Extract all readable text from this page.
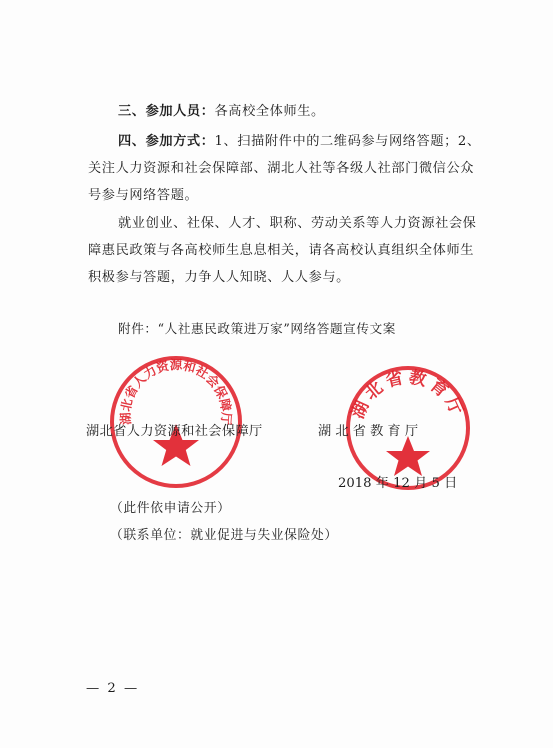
三、参加人员：各高校全体师生。
四、参加方式：1、扫描附件中的二维码参与网络答题；2、
关注人力资源和社会保障部、湖北人社等各级人社部门微信公众
号参与网络答题。
就业创业、社保、人才、职称、劳动关系等人力资源社会保
障惠民政策与各高校师生息息相关，请各高校认真组织全体师生
积极参与答题，力争人人知晓、人人参与。
附件：“人社惠民政策进万家”网络答题宣传文案
湖北省人力资源和社会保障厅	湖北省教育厅
湖北省人力资源和社会保障厅	湖 北 省 教 育 厅
2018 年 12 月 5 日
（此件依申请公开）
（联系单位：就业促进与失业保险处）
— 2 —
